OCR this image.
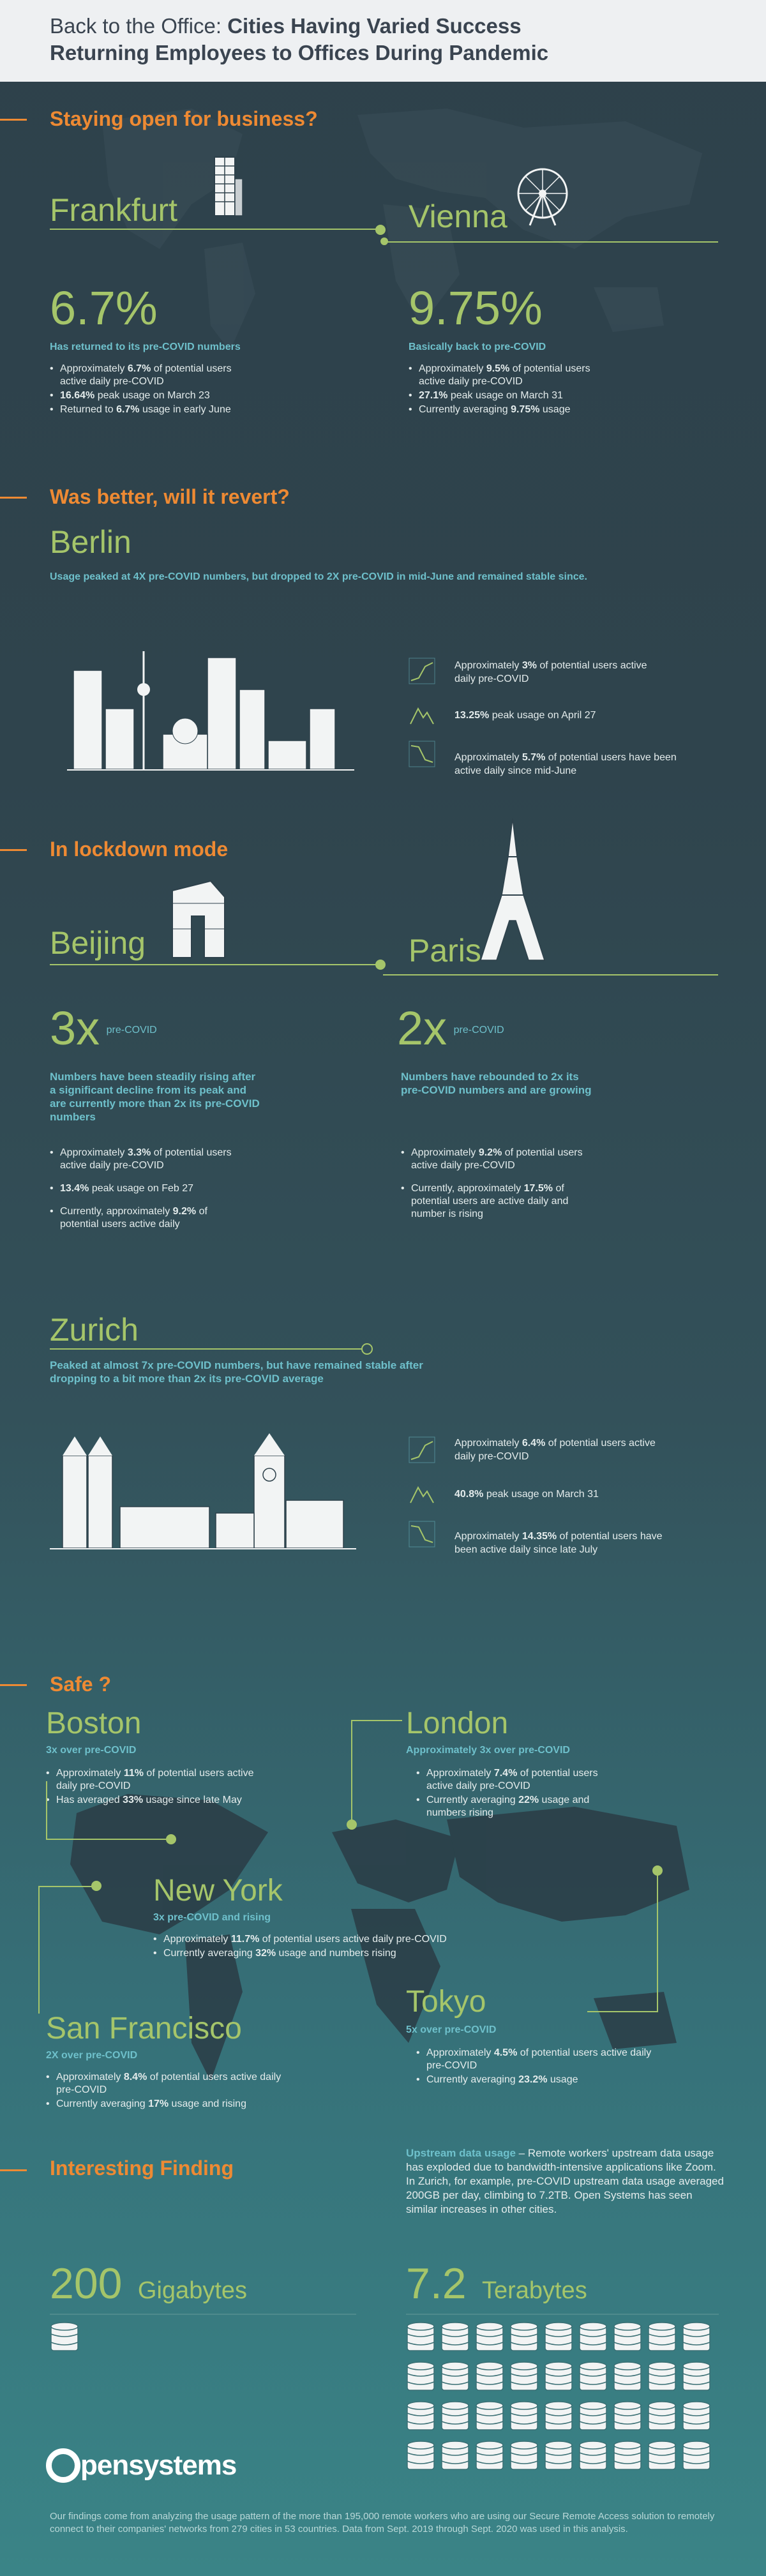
Back to the Office: Cities Having Varied Success
Returning Employees to Offices During Pandemic
Staying open for business?
Frankfurt	Vienna
6.7%
Has returned to its pre-COVID numbers
• Approximately 6.7% of potential users active daily pre-COVID
• 16.64% peak usage on March 23
• Returned to 6.7% usage in early June
9.75%
Basically back to pre-COVID
• Approximately 9.5% of potential users active daily pre-COVID
• 27.1% peak usage on March 31
• Currently averaging 9.75% usage
Was better, will it revert?
Berlin
Usage peaked at 4X pre-COVID numbers, but dropped to 2X pre-COVID in mid-June and remained stable since.
Approximately 3% of potential users active daily pre-COVID
13.25% peak usage on April 27
Approximately 5.7% of potential users have been active daily since mid-June
In lockdown mode
Beijing	Paris
3x pre-COVID
Numbers have been steadily rising after a significant decline from its peak and are currently more than 2x its pre-COVID numbers
• Approximately 3.3% of potential users active daily pre-COVID
• 13.4% peak usage on Feb 27
• Currently, approximately 9.2% of potential users active daily
2x pre-COVID
Numbers have rebounded to 2x its pre-COVID numbers and are growing
• Approximately 9.2% of potential users active daily pre-COVID
• Currently, approximately 17.5% of potential users are active daily and number is rising
Zurich
Peaked at almost 7x pre-COVID numbers, but have remained stable after dropping to a bit more than 2x its pre-COVID average
Approximately 6.4% of potential users active daily pre-COVID
40.8% peak usage on March 31
Approximately 14.35% of potential users have been active daily since late July
Safe ?
Boston
3x over pre-COVID
• Approximately 11% of potential users active daily pre-COVID
• Has averaged 33% usage since late May
London
Approximately 3x over pre-COVID
• Approximately 7.4% of potential users active daily pre-COVID
• Currently averaging 22% usage and numbers rising
New York
3x pre-COVID and rising
• Approximately 11.7% of potential users active daily pre-COVID
• Currently averaging 32% usage and numbers rising
San Francisco
2X over pre-COVID
• Approximately 8.4% of potential users active daily pre-COVID
• Currently averaging 17% usage and rising
Tokyo
5x over pre-COVID
• Approximately 4.5% of potential users active daily pre-COVID
• Currently averaging 23.2% usage
Interesting Finding
Upstream data usage – Remote workers' upstream data usage has exploded due to bandwidth-intensive applications like Zoom. In Zurich, for example, pre-COVID upstream data usage averaged 200GB per day, climbing to 7.2TB. Open Systems has seen similar increases in other cities.
200 Gigabytes	7.2 Terabytes
pensystems
Our findings come from analyzing the usage pattern of the more than 195,000 remote workers who are using our Secure Remote Access solution to remotely connect to their companies' networks from 279 cities in 53 countries. Data from Sept. 2019 through Sept. 2020 was used in this analysis.
